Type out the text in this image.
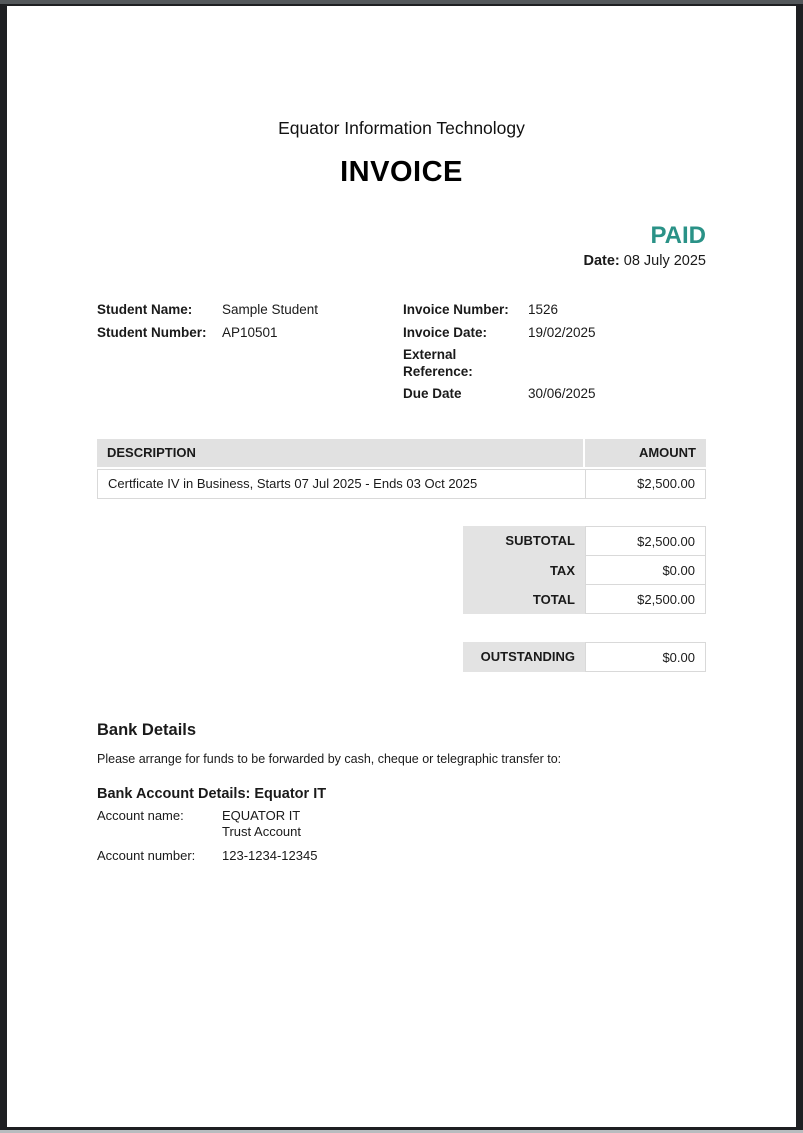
Equator Information Technology
INVOICE
PAID
Date: 08 July 2025
Student Name:	Sample Student
Student Number:	AP10501
Invoice Number:	1526
Invoice Date:	19/02/2025
External Reference:
Due Date	30/06/2025
DESCRIPTION	AMOUNT
Certficate IV in Business, Starts 07 Jul 2025 - Ends 03 Oct 2025	$2,500.00
SUBTOTAL	$2,500.00
TAX	$0.00
TOTAL	$2,500.00
OUTSTANDING	$0.00
Bank Details
Please arrange for funds to be forwarded by cash, cheque or telegraphic transfer to:
Bank Account Details: Equator IT
Account name:	EQUATOR IT
Trust Account
Account number:	123-1234-12345
